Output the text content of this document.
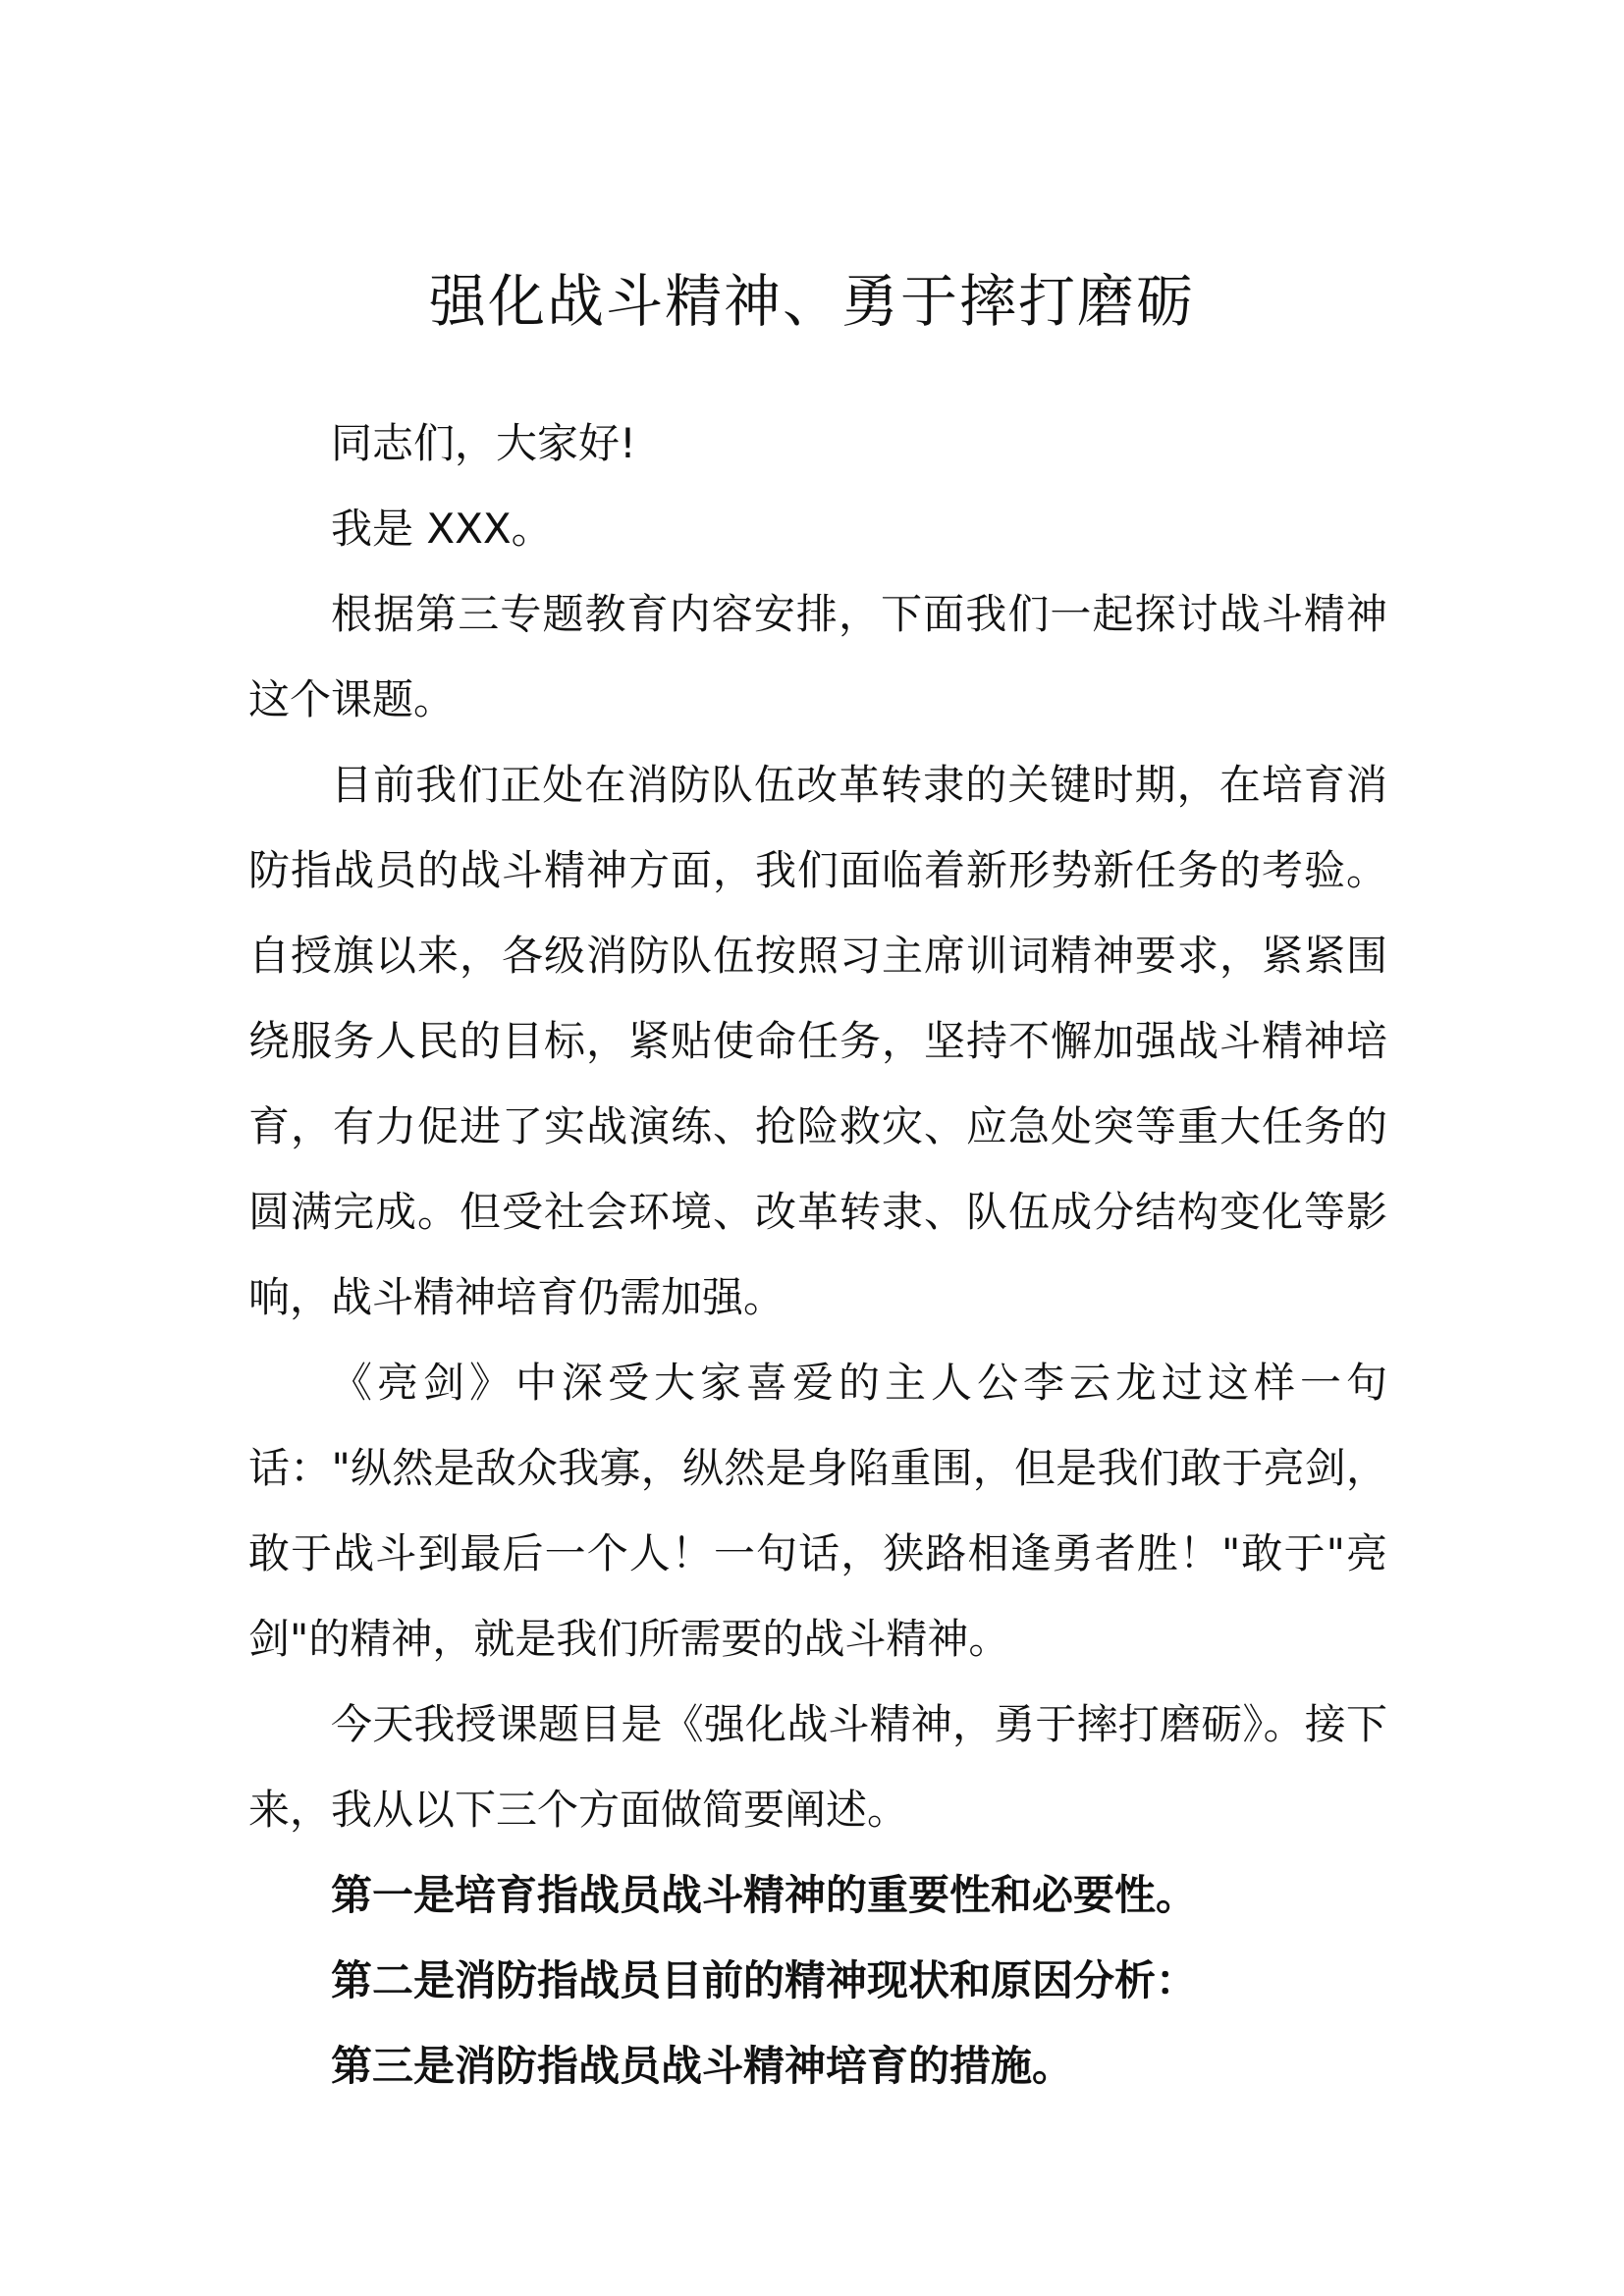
强化战斗精神、勇于摔打磨砺

同志们，大家好!

我是 XXX。

根据第三专题教育内容安排，下面我们一起探讨战斗精神这个课题。

目前我们正处在消防队伍改革转隶的关键时期，在培育消防指战员的战斗精神方面，我们面临着新形势新任务的考验。自授旗以来，各级消防队伍按照习主席训词精神要求，紧紧围绕服务人民的目标，紧贴使命任务，坚持不懈加强战斗精神培育，有力促进了实战演练、抢险救灾、应急处突等重大任务的圆满完成。但受社会环境、改革转隶、队伍成分结构变化等影响，战斗精神培育仍需加强。

《亮剑》中深受大家喜爱的主人公李云龙过这样一句话："纵然是敌众我寡，纵然是身陷重围，但是我们敢于亮剑，敢于战斗到最后一个人！一句话，狭路相逢勇者胜！"敢于"亮剑"的精神，就是我们所需要的战斗精神。

今天我授课题目是《强化战斗精神，勇于摔打磨砺》。接下来，我从以下三个方面做简要阐述。

第一是培育指战员战斗精神的重要性和必要性。

第二是消防指战员目前的精神现状和原因分析：

第三是消防指战员战斗精神培育的措施。
